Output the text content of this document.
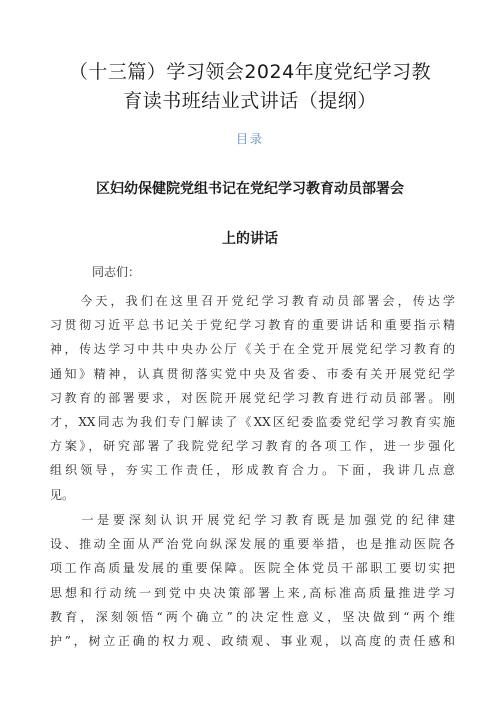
（十三篇）学习领会2024年度党纪学习教
育读书班结业式讲话（提纲）
目录
区妇幼保健院党组书记在党纪学习教育动员部署会
上的讲话
同志们：
　　今天，我们在这里召开党纪学习教育动员部署会，传达学
习贯彻习近平总书记关于党纪学习教育的重要讲话和重要指示精
神，传达学习中共中央办公厅《关于在全党开展党纪学习教育的
通知》精神，认真贯彻落实党中央及省委、市委有关开展党纪学
习教育的部署要求，对医院开展党纪学习教育进行动员部署。刚
才，XX同志为我们专门解读了《XX区纪委监委党纪学习教育实施
方案》，研究部署了我院党纪学习教育的各项工作，进一步强化
组织领导，夯实工作责任，形成教育合力。下面，我讲几点意
见。
　　一是要深刻认识开展党纪学习教育既是加强党的纪律建
设、推动全面从严治党向纵深发展的重要举措，也是推动医院各
项工作高质量发展的重要保障。医院全体党员干部职工要切实把
思想和行动统一到党中央决策部署上来,高标准高质量推进学习
教育，深刻领悟“两个确立”的决定性意义，坚决做到“两个维
护”，树立正确的权力观、政绩观、事业观，以高度的责任感和
